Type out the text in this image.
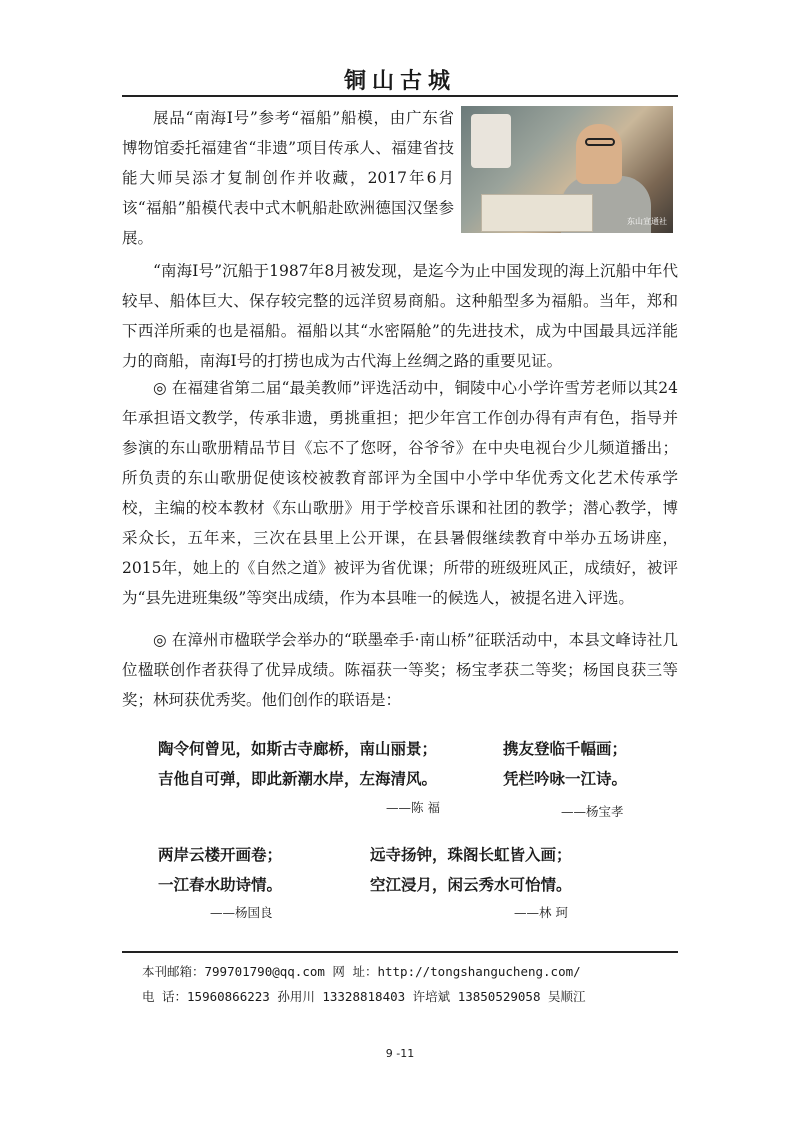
铜山古城

展品“南海Ⅰ号”参考“福船”船模，由广东省博物馆委托福建省“非遗”项目传承人、福建省技能大师吴添才复制创作并收藏，2017年6月该“福船”船模代表中式木帆船赴欧洲德国汉堡参展。

东山宣通社

“南海Ⅰ号”沉船于1987年8月被发现，是迄今为止中国发现的海上沉船中年代较早、船体巨大、保存较完整的远洋贸易商船。这种船型多为福船。当年，郑和下西洋所乘的也是福船。福船以其“水密隔舱”的先进技术，成为中国最具远洋能力的商船，南海Ⅰ号的打捞也成为古代海上丝绸之路的重要见证。

◎ 在福建省第二届“最美教师”评选活动中，铜陵中心小学许雪芳老师以其24年承担语文教学，传承非遗，勇挑重担；把少年宫工作创办得有声有色，指导并参演的东山歌册精品节目《忘不了您呀，谷爷爷》在中央电视台少儿频道播出；所负责的东山歌册促使该校被教育部评为全国中小学中华优秀文化艺术传承学校，主编的校本教材《东山歌册》用于学校音乐课和社团的教学；潜心教学，博采众长，五年来，三次在县里上公开课，在县暑假继续教育中举办五场讲座，2015年，她上的《自然之道》被评为省优课；所带的班级班风正，成绩好，被评为“县先进班集级”等突出成绩，作为本县唯一的候选人，被提名进入评选。

◎ 在漳州市楹联学会举办的“联墨牵手·南山桥”征联活动中，本县文峰诗社几位楹联创作者获得了优异成绩。陈福获一等奖；杨宝孝获二等奖；杨国良获三等奖；林珂获优秀奖。他们创作的联语是：

陶令何曾见，如斯古寺廊桥，南山丽景；
吉他自可弹，即此新潮水岸，左海清风。
携友登临千幅画；
凭栏吟咏一江诗。
——陈 福	——杨宝孝
两岸云楼开画卷；
一江春水助诗情。
远寺扬钟，珠阁长虹皆入画；
空江浸月，闲云秀水可怡情。
——杨国良	——林 珂
本刊邮箱：799701790@qq.com 网 址：http://tongshangucheng.com/
电 话：15960866223 孙用川 13328818403 许培斌 13850529058 吴顺江
9 -11
